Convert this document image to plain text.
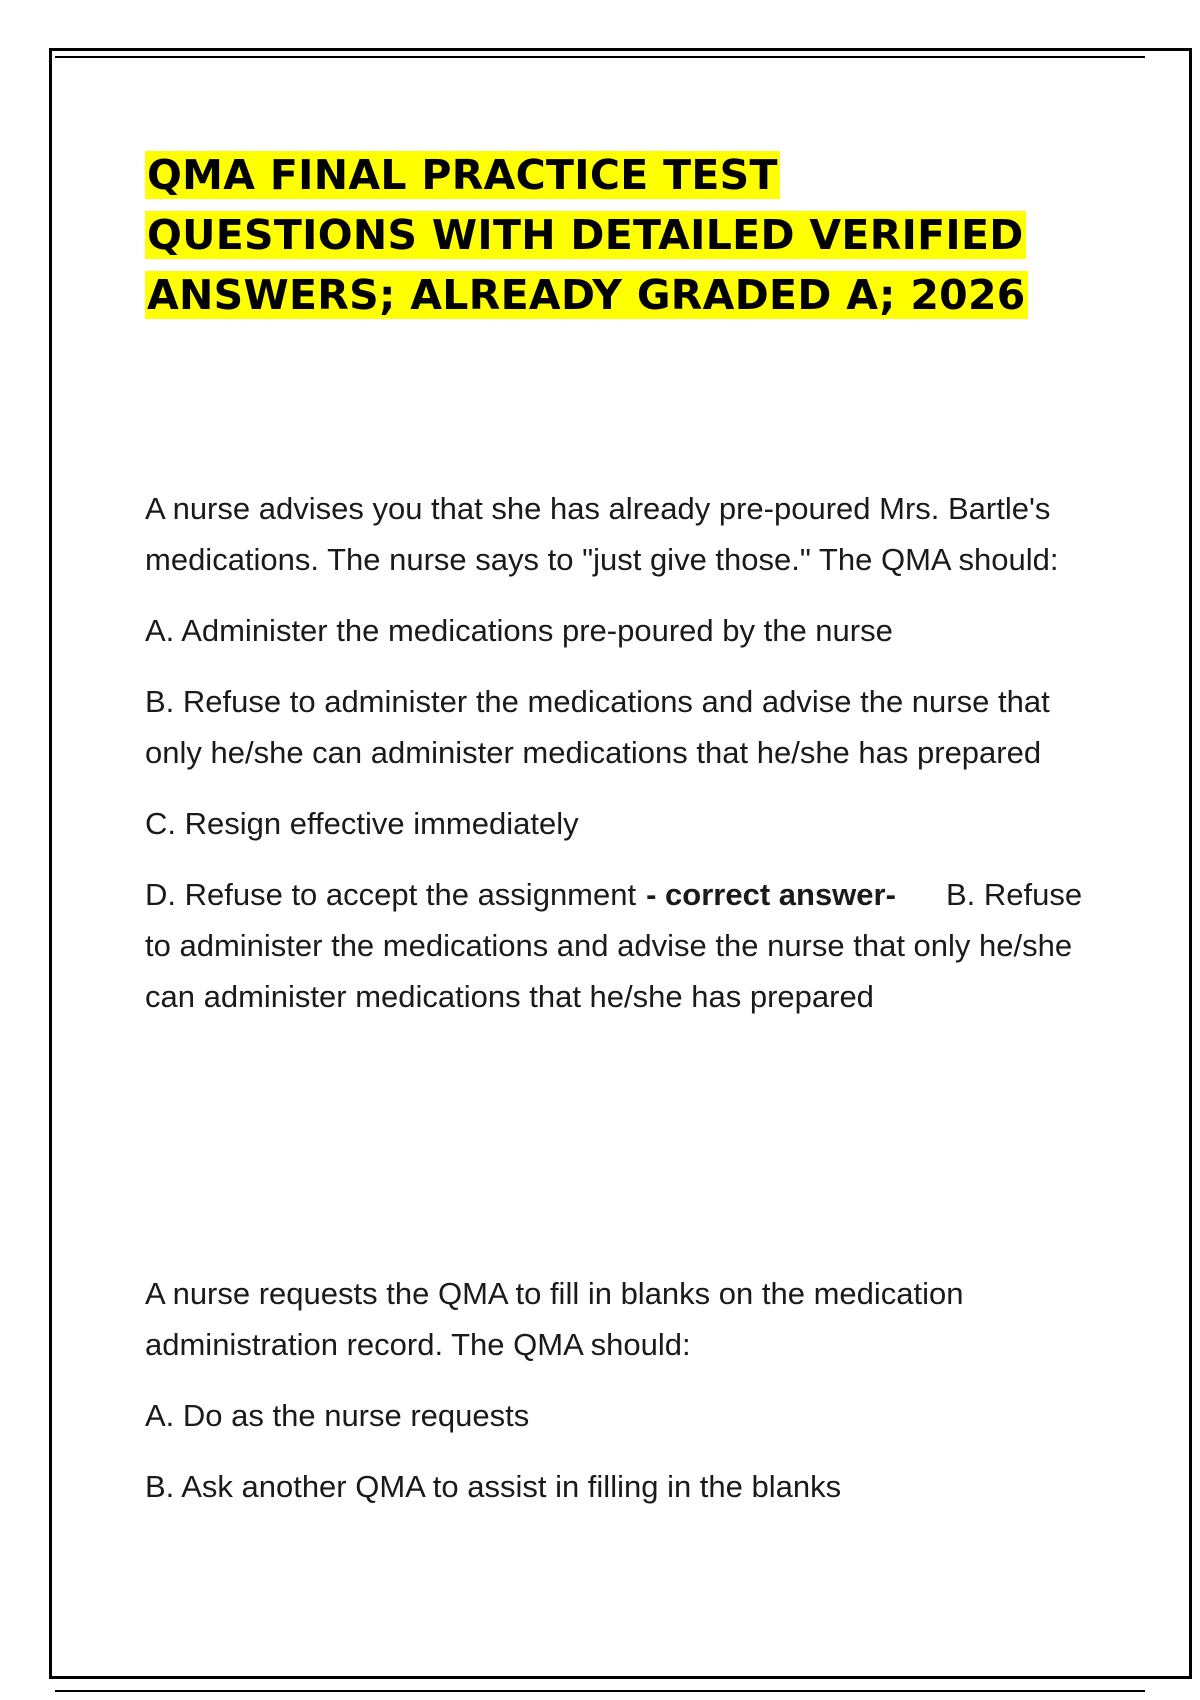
QMA FINAL PRACTICE TEST
QUESTIONS WITH DETAILED VERIFIED
ANSWERS; ALREADY GRADED A; 2026

A nurse advises you that she has already pre-poured Mrs. Bartle's medications. The nurse says to "just give those." The QMA should:

A. Administer the medications pre-poured by the nurse

B. Refuse to administer the medications and advise the nurse that only he/she can administer medications that he/she has prepared

C. Resign effective immediately

D. Refuse to accept the assignment - correct answer- B. Refuse to administer the medications and advise the nurse that only he/she can administer medications that he/she has prepared

A nurse requests the QMA to fill in blanks on the medication administration record. The QMA should:

A. Do as the nurse requests

B. Ask another QMA to assist in filling in the blanks
